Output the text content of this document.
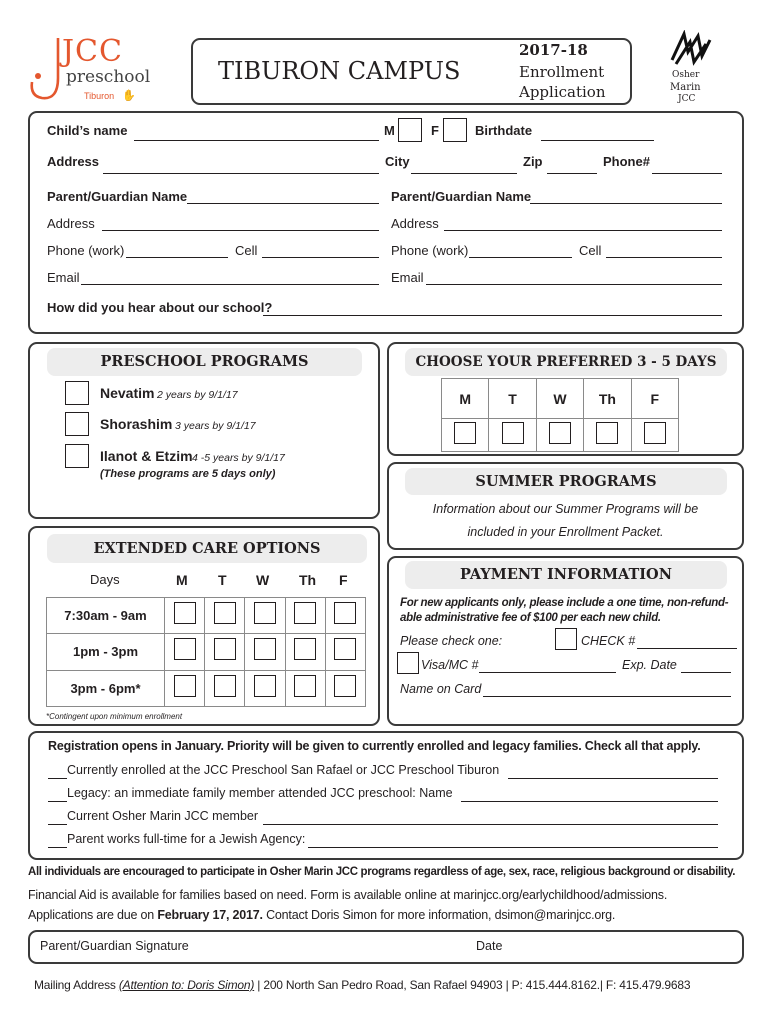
JCC
preschool
Tiburon ✋
TIBURON CAMPUS
2017-18
Enrollment
Application
Osher
Marin
JCC
Child’s name	M	F	Birthdate
Address	City	Zip	Phone#
Parent/Guardian Name
Address
Phone (work)	Cell
Email
Parent/Guardian Name
Address
Phone (work)	Cell
Email
How did you hear about our school?
PRESCHOOL PROGRAMS
Nevatim 2 years by 9/1/17
Shorashim 3 years by 9/1/17
Ilanot & Etzim 4 -5 years by 9/1/17
(These programs are 5 days only)
CHOOSE YOUR PREFERRED 3 - 5 DAYS
M	T	W	Th	F

SUMMER PROGRAMS
Information about our Summer Programs will be
included in your Enrollment Packet.
EXTENDED CARE OPTIONS
Days	M T W Th F
7:30am - 9am					
1pm - 3pm					
3pm - 6pm*					
*Contingent upon minimum enrollment
PAYMENT INFORMATION
For new applicants only, please include a one time, non-refund-
able administrative fee of $100 per each new child.
Please check one:	CHECK #
Visa/MC #	Exp. Date
Name on Card
Registration opens in January. Priority will be given to currently enrolled and legacy families. Check all that apply.
Currently enrolled at the JCC Preschool San Rafael or JCC Preschool Tiburon
Legacy: an immediate family member attended JCC preschool: Name
Current Osher Marin JCC member
Parent works full-time for a Jewish Agency:
All individuals are encouraged to participate in Osher Marin JCC programs regardless of age, sex, race, religious background or disability.
Financial Aid is available for families based on need. Form is available online at marinjcc.org/earlychildhood/admissions.
Applications are due on February 17, 2017. Contact Doris Simon for more information, dsimon@marinjcc.org.
Parent/Guardian Signature	Date
Mailing Address (Attention to: Doris Simon) | 200 North San Pedro Road, San Rafael 94903 | P: 415.444.8162.| F: 415.479.9683
